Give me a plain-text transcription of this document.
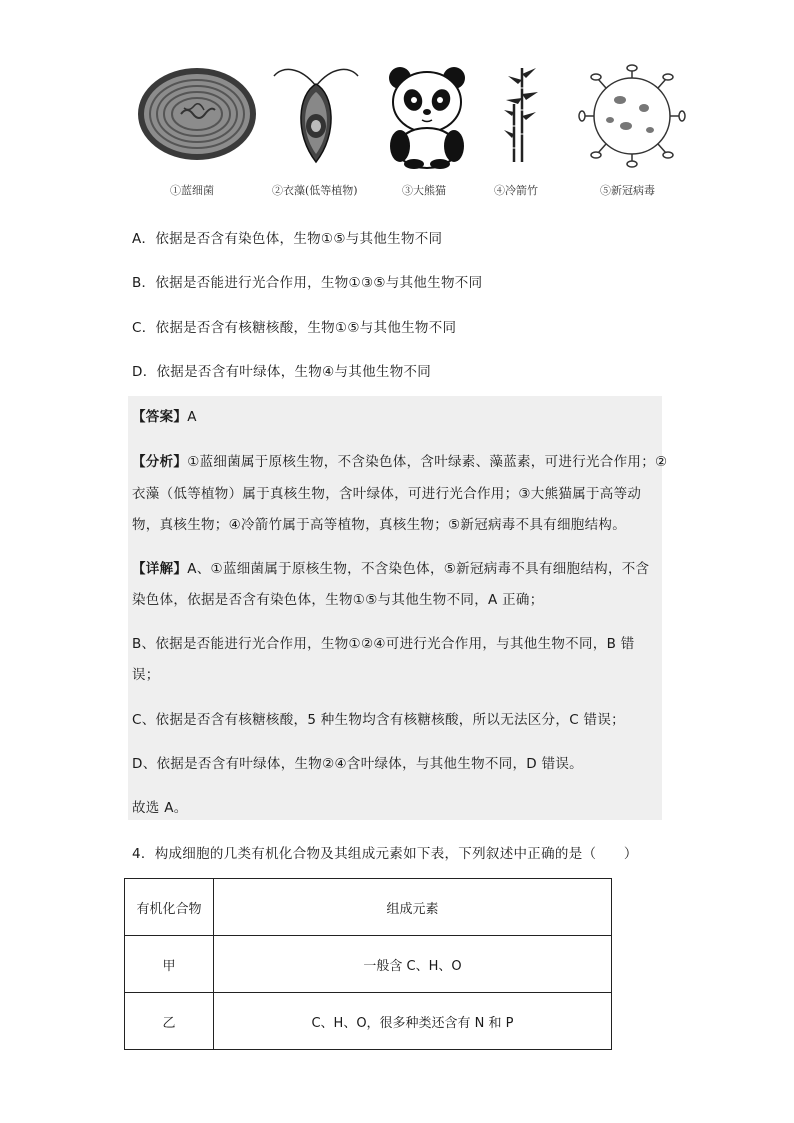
①蓝细菌	②衣藻(低等植物)	③大熊猫	④冷箭竹	⑤新冠病毒
A．依据是否含有染色体，生物①⑤与其他生物不同
B．依据是否能进行光合作用，生物①③⑤与其他生物不同
C．依据是否含有核糖核酸，生物①⑤与其他生物不同
D．依据是否含有叶绿体，生物④与其他生物不同
【答案】A
【分析】①蓝细菌属于原核生物，不含染色体，含叶绿素、藻蓝素，可进行光合作用；②
衣藻（低等植物）属于真核生物，含叶绿体，可进行光合作用；③大熊猫属于高等动
物，真核生物；④冷箭竹属于高等植物，真核生物；⑤新冠病毒不具有细胞结构。
【详解】A、①蓝细菌属于原核生物，不含染色体，⑤新冠病毒不具有细胞结构，不含
染色体，依据是否含有染色体，生物①⑤与其他生物不同，A 正确；
B、依据是否能进行光合作用，生物①②④可进行光合作用，与其他生物不同，B 错
误；
C、依据是否含有核糖核酸，5 种生物均含有核糖核酸，所以无法区分，C 错误；
D、依据是否含有叶绿体，生物②④含叶绿体，与其他生物不同，D 错误。
故选 A。
4．构成细胞的几类有机化合物及其组成元素如下表，下列叙述中正确的是（　　）
有机化合物	组成元素
甲	一般含 C、H、O
乙	C、H、O，很多种类还含有 N 和 P
